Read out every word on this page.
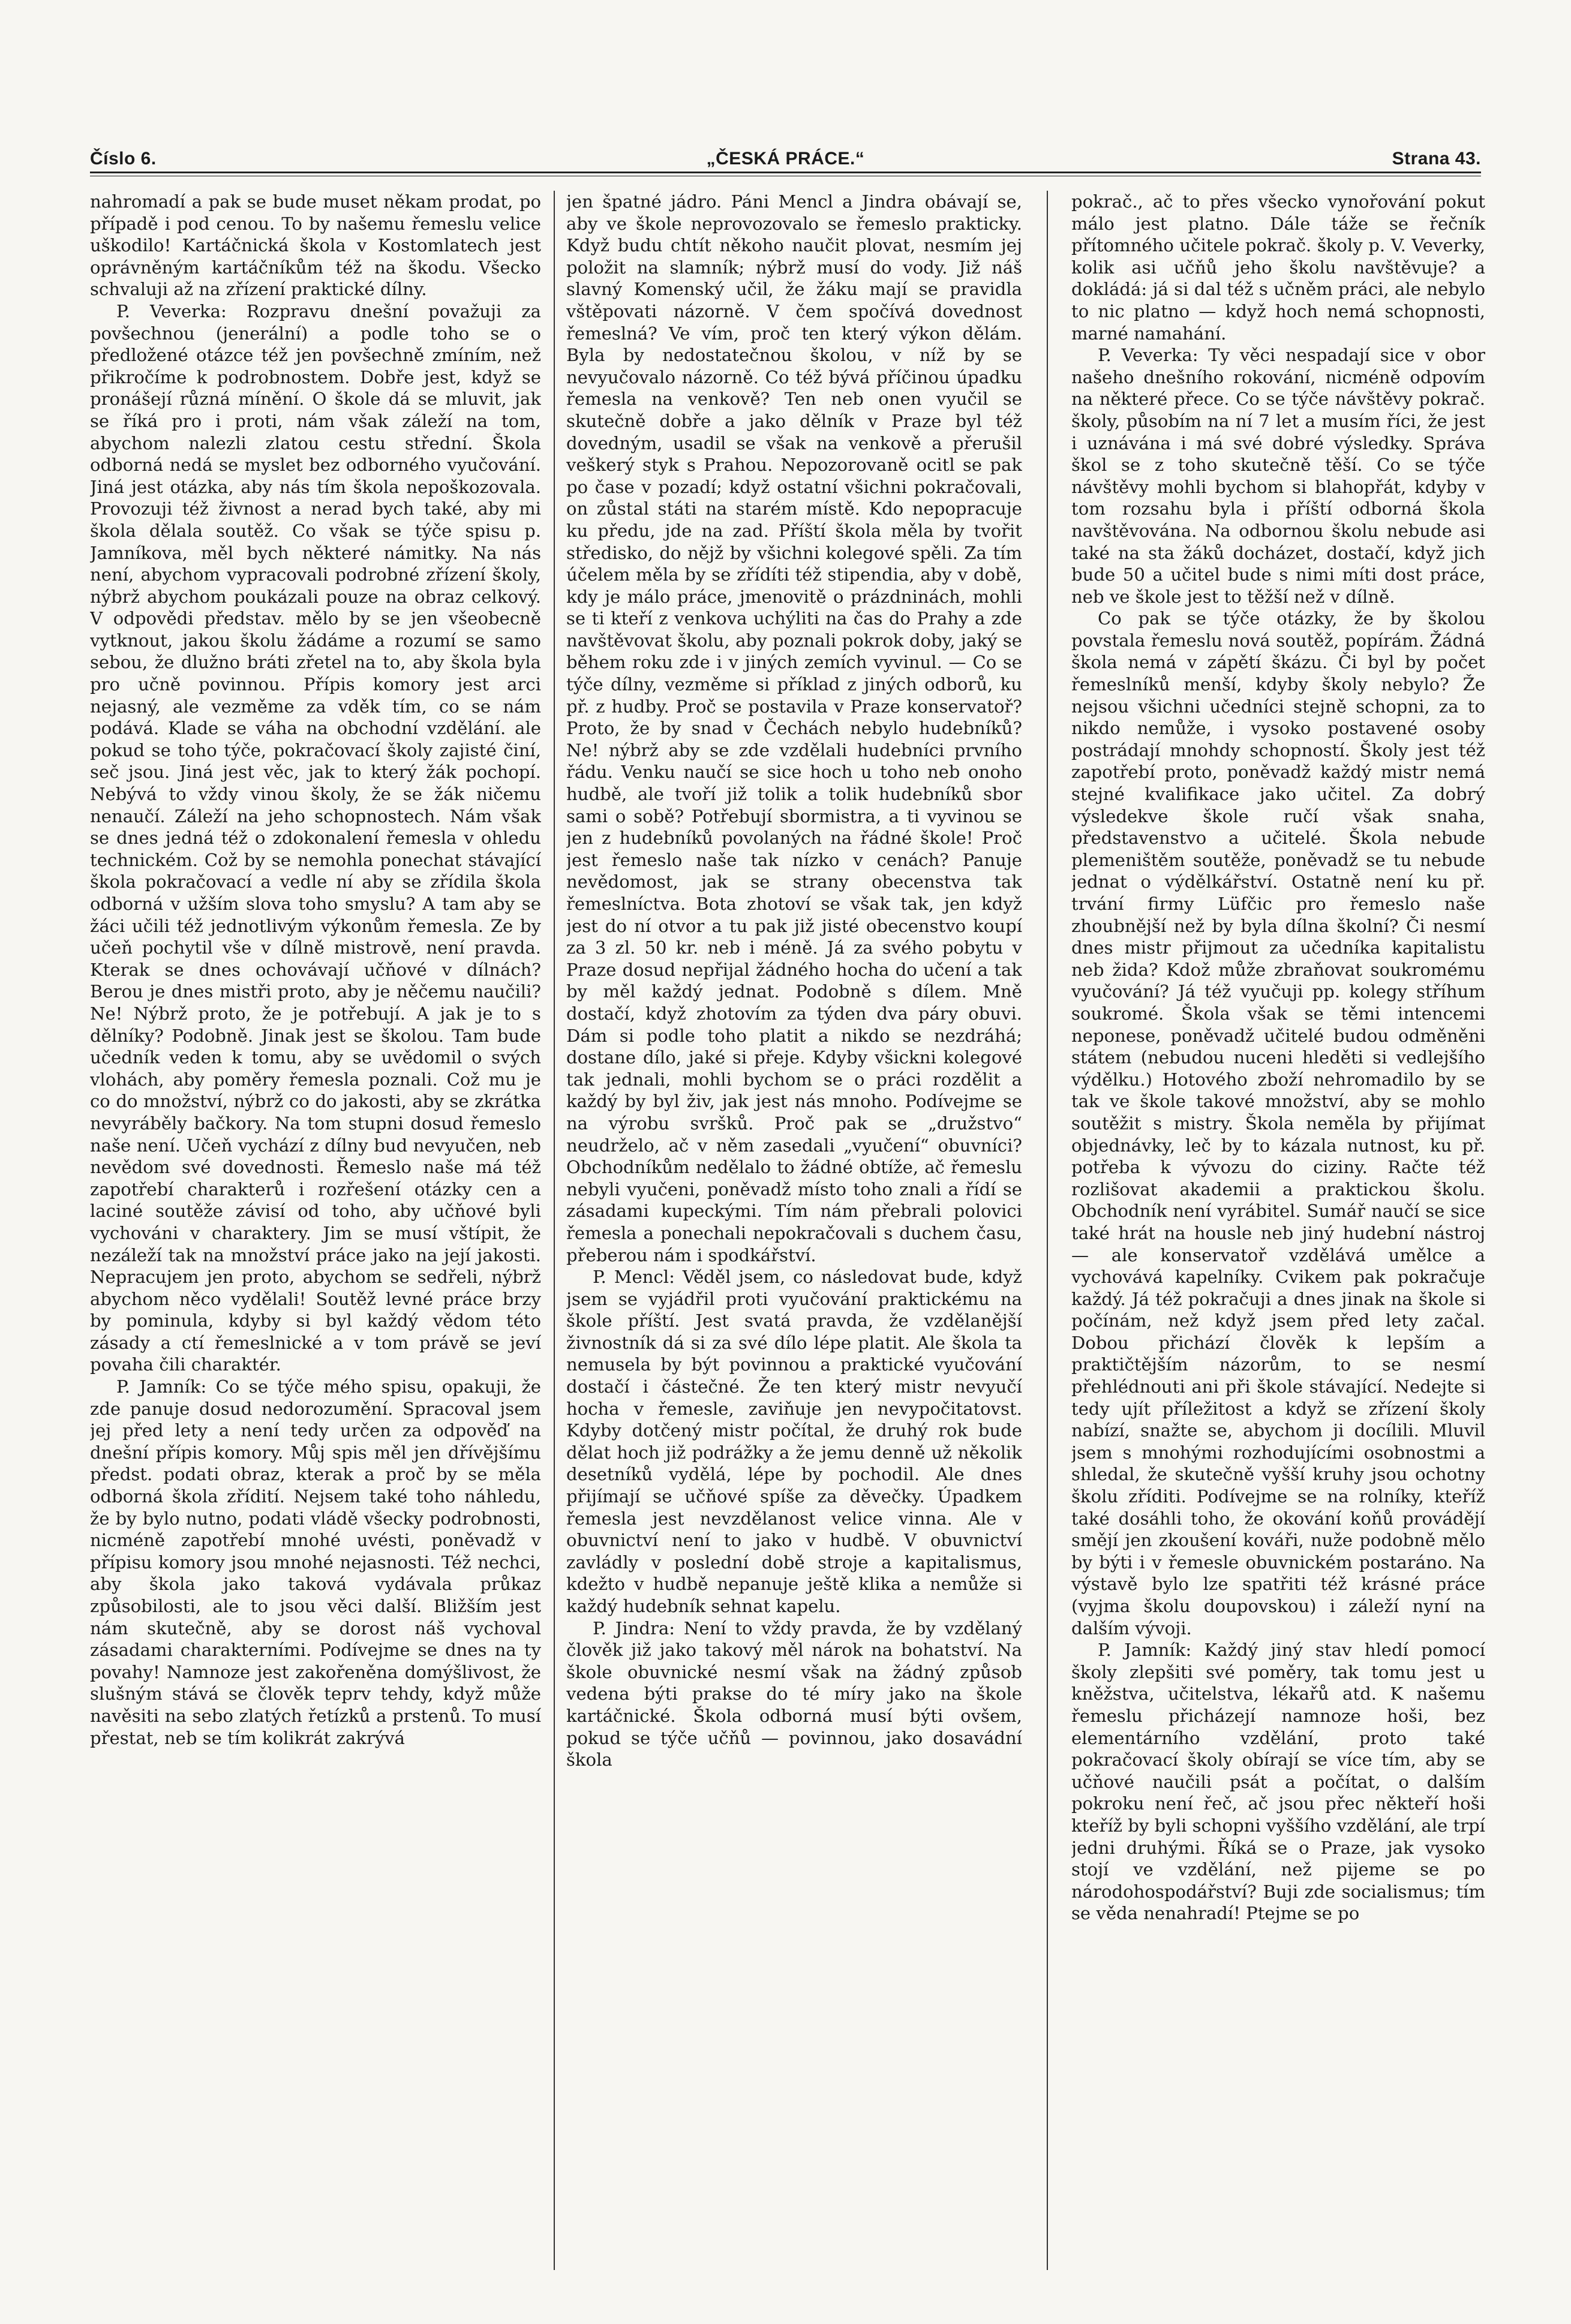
Číslo 6.	„ČESKÁ PRÁCE.“	Strana 43.

nahromadí a pak se bude muset někam prodat, po případě i pod cenou. To by našemu řemeslu velice uškodilo! Kartáčnická škola v Kostomlatech jest oprávněným kartáčníkům též na škodu. Všecko schvaluji až na zřízení praktické dílny.

P. Veverka: Rozpravu dnešní považuji za povšechnou (jenerální) a podle toho se o předložené otázce též jen povšechně zmíním, než přikročíme k podrobnostem. Dobře jest, když se pronášejí různá mínění. O škole dá se mluvit, jak se říká pro i proti, nám však záleží na tom, abychom nalezli zlatou cestu střední. Škola odborná nedá se myslet bez odborného vyučování. Jiná jest otázka, aby nás tím škola nepoškozovala. Provozuji též živnost a nerad bych také, aby mi škola dělala soutěž. Co však se týče spisu p. Jamníkova, měl bych některé námitky. Na nás není, abychom vypracovali podrobné zřízení školy, nýbrž abychom poukázali pouze na obraz celkový. V odpovědi představ. mělo by se jen všeobecně vytknout, jakou školu žádáme a rozumí se samo sebou, že dlužno bráti zřetel na to, aby škola byla pro učně povinnou. Přípis komory jest arci nejasný, ale vezměme za vděk tím, co se nám podává. Klade se váha na obchodní vzdělání. ale pokud se toho týče, pokračovací školy zajisté činí, seč jsou. Jiná jest věc, jak to který žák pochopí. Nebývá to vždy vinou školy, že se žák ničemu nenaučí. Záleží na jeho schopnostech. Nám však se dnes jedná též o zdokonalení řemesla v ohledu technickém. Což by se nemohla ponechat stávající škola pokračovací a vedle ní aby se zřídila škola odborná v užším slova toho smyslu? A tam aby se žáci učili též jednotlivým výkonům řemesla. Ze by učeň pochytil vše v dílně mistrově, není pravda. Kterak se dnes ochovávají učňové v dílnách? Berou je dnes mistři proto, aby je něčemu naučili? Ne! Nýbrž proto, že je potřebují. A jak je to s dělníky? Podobně. Jinak jest se školou. Tam bude učedník veden k tomu, aby se uvědomil o svých vlohách, aby poměry řemesla poznali. Což mu je co do množství, nýbrž co do jakosti, aby se zkrátka nevyráběly bačkory. Na tom stupni dosud řemeslo naše není. Učeň vychází z dílny bud nevyučen, neb nevědom své dovednosti. Řemeslo naše má též zapotřebí charakterů i rozřešení otázky cen a laciné soutěže závisí od toho, aby učňové byli vychováni v charaktery. Jim se musí vštípit, že nezáleží tak na množství práce jako na její jakosti. Nepracujem jen proto, abychom se sedřeli, nýbrž abychom něco vydělali! Soutěž levné práce brzy by pominula, kdyby si byl každý vědom této zásady a ctí řemeslnické a v tom právě se jeví povaha čili charaktér.

P. Jamník: Co se týče mého spisu, opakuji, že zde panuje dosud nedorozumění. Spracoval jsem jej před lety a není tedy určen za odpověď na dnešní přípis komory. Můj spis měl jen dřívějšímu předst. podati obraz, kterak a proč by se měla odborná škola zřídití. Nejsem také toho náhledu, že by bylo nutno, podati vládě všecky podrobnosti, nicméně zapotřebí mnohé uvésti, poněvadž v přípisu komory jsou mnohé nejasnosti. Též nechci, aby škola jako taková vydávala průkaz způsobilosti, ale to jsou věci další. Bližším jest nám skutečně, aby se dorost náš vychoval zásadami charakterními. Podívejme se dnes na ty povahy! Namnoze jest zakořeněna domýšlivost, že slušným stává se člověk teprv tehdy, když může navěsiti na sebo zlatých řetízků a prstenů. To musí přestat, neb se tím kolikrát zakrývá

jen špatné jádro. Páni Mencl a Jindra obávají se, aby ve škole neprovozovalo se řemeslo prakticky. Když budu chtít někoho naučit plovat, nesmím jej položit na slamník; nýbrž musí do vody. Již náš slavný Komenský učil, že žáku mají se pravidla vštěpovati názorně. V čem spočívá dovednost řemeslná? Ve vím, proč ten který výkon dělám. Byla by nedostatečnou školou, v níž by se nevyučovalo názorně. Co též bývá příčinou úpadku řemesla na venkově? Ten neb onen vyučil se skutečně dobře a jako dělník v Praze byl též dovedným, usadil se však na venkově a přerušil veškerý styk s Prahou. Nepozorovaně ocitl se pak po čase v pozadí; když ostatní všichni pokračovali, on zůstal státi na starém místě. Kdo nepopracuje ku předu, jde na zad. Příští škola měla by tvořit středisko, do nějž by všichni kolegové spěli. Za tím účelem měla by se zřídíti též stipendia, aby v době, kdy je málo práce, jmenovitě o prázdninách, mohli se ti kteří z venkova uchýliti na čas do Prahy a zde navštěvovat školu, aby poznali pokrok doby, jaký se během roku zde i v jiných zemích vyvinul. — Co se týče dílny, vezměme si příklad z jiných odborů, ku př. z hudby. Proč se postavila v Praze konservatoř? Proto, že by snad v Čechách nebylo hudebníků? Ne! nýbrž aby se zde vzdělali hudebníci prvního řádu. Venku naučí se sice hoch u toho neb onoho hudbě, ale tvoří již tolik a tolik hudebníků sbor sami o sobě? Potřebují sbormistra, a ti vyvinou se jen z hudebníků povolaných na řádné škole! Proč jest řemeslo naše tak nízko v cenách? Panuje nevědomost, jak se strany obecenstva tak řemeslníctva. Bota zhotoví se však tak, jen když jest do ní otvor a tu pak již jisté obecenstvo koupí za 3 zl. 50 kr. neb i méně. Já za svého pobytu v Praze dosud nepřijal žádného hocha do učení a tak by měl každý jednat. Podobně s dílem. Mně dostačí, když zhotovím za týden dva páry obuvi. Dám si podle toho platit a nikdo se nezdráhá; dostane dílo, jaké si přeje. Kdyby všickni kolegové tak jednali, mohli bychom se o práci rozdělit a každý by byl živ, jak jest nás mnoho. Podívejme se na výrobu svršků. Proč pak se „družstvo“ neudrželo, ač v něm zasedali „vyučení“ obuvníci? Obchodníkům nedělalo to žádné obtíže, ač řemeslu nebyli vyučeni, poněvadž místo toho znali a řídí se zásadami kupeckými. Tím nám přebrali polovici řemesla a ponechali nepokračovali s duchem času, přeberou nám i spodkářství.

P. Mencl: Věděl jsem, co následovat bude, když jsem se vyjádřil proti vyučování praktickému na škole příští. Jest svatá pravda, že vzdělanější živnostník dá si za své dílo lépe platit. Ale škola ta nemusela by být povinnou a praktické vyučování dostačí i částečné. Že ten který mistr nevyučí hocha v řemesle, zaviňuje jen nevypočitatovst. Kdyby dotčený mistr počítal, že druhý rok bude dělat hoch již podrážky a že jemu denně už několik desetníků vydělá, lépe by pochodil. Ale dnes přijímají se učňové spíše za děvečky. Úpadkem řemesla jest nevzdělanost velice vinna. Ale v obuvnictví není to jako v hudbě. V obuvnictví zavládly v poslední době stroje a kapitalismus, kdežto v hudbě nepanuje ještě klika a nemůže si každý hudebník sehnat kapelu.

P. Jindra: Není to vždy pravda, že by vzdělaný člověk již jako takový měl nárok na bohatství. Na škole obuvnické nesmí však na žádný způsob vedena býti prakse do té míry jako na škole kartáčnické. Škola odborná musí býti ovšem, pokud se týče učňů — povinnou, jako dosavádní škola

pokrač., ač to přes všecko vynořování pokut málo jest platno. Dále táže se řečník přítomného učitele pokrač. školy p. V. Veverky, kolik asi učňů jeho školu navštěvuje? a dokládá: já si dal též s učněm práci, ale nebylo to nic platno — když hoch nemá schopnosti, marné namahání.

P. Veverka: Ty věci nespadají sice v obor našeho dnešního rokování, nicméně odpovím na některé přece. Co se týče návštěvy pokrač. školy, působím na ní 7 let a musím říci, že jest i uznávána i má své dobré výsledky. Správa škol se z toho skutečně těší. Co se týče návštěvy mohli bychom si blahopřát, kdyby v tom rozsahu byla i příští odborná škola navštěvována. Na odbornou školu nebude asi také na sta žáků docházet, dostačí, když jich bude 50 a učitel bude s nimi míti dost práce, neb ve škole jest to těžší než v dílně.

Co pak se týče otázky, že by školou povstala řemeslu nová soutěž, popírám. Žádná škola nemá v zápětí škázu. Či byl by počet řemeslníků menší, kdyby školy nebylo? Že nejsou všichni učedníci stejně schopni, za to nikdo nemůže, i vysoko postavené osoby postrádají mnohdy schopností. Školy jest též zapotřebí proto, poněvadž každý mistr nemá stejné kvalifikace jako učitel. Za dobrý výsledekve škole ručí však snaha, představenstvo a učitelé. Škola nebude plemeništěm soutěže, poněvadž se tu nebude jednat o výdělkářství. Ostatně není ku př. trvání firmy Lüfčic pro řemeslo naše zhoubnější než by byla dílna školní? Či nesmí dnes mistr přijmout za učedníka kapitalistu neb žida? Kdož může zbraňovat soukromému vyučování? Já též vyučuji pp. kolegy stříhum soukromé. Škola však se těmi intencemi neponese, poněvadž učitelé budou odměněni státem (nebudou nuceni hleděti si vedlejšího výdělku.) Hotového zboží nehromadilo by se tak ve škole takové množství, aby se mohlo soutěžit s mistry. Škola neměla by přijímat objednávky, leč by to kázala nutnost, ku př. potřeba k vývozu do ciziny. Račte též rozlišovat akademii a praktickou školu. Obchodník není vyrábitel. Sumář naučí se sice také hrát na housle neb jiný hudební nástroj — ale konservatoř vzdělává umělce a vychovává kapelníky. Cvikem pak pokračuje každý. Já též pokračuji a dnes jinak na škole si počínám, než když jsem před lety začal. Dobou přichází člověk k lepším a praktičtějším názorům, to se nesmí přehlédnouti ani při škole stávající. Nedejte si tedy ujít příležitost a když se zřízení školy nabízí, snažte se, abychom ji docílili. Mluvil jsem s mnohými rozhodujícími osobnostmi a shledal, že skutečně vyšší kruhy jsou ochotny školu zříditi. Podívejme se na rolníky, kteříž také dosáhli toho, že okování koňů provádějí smějí jen zkoušení kováři, nuže podobně mělo by býti i v řemesle obuvnickém postaráno. Na výstavě bylo lze spatřiti též krásné práce (vyjma školu doupovskou) i záleží nyní na dalším vývoji.

P. Jamník: Každý jiný stav hledí pomocí školy zlepšiti své poměry, tak tomu jest u kněžstva, učitelstva, lékařů atd. K našemu řemeslu přicházejí namnoze hoši, bez elementárního vzdělání, proto také pokračovací školy obírají se více tím, aby se učňové naučili psát a počítat, o dalším pokroku není řeč, ač jsou přec někteří hoši kteříž by byli schopni vyššího vzdělání, ale trpí jedni druhými. Říká se o Praze, jak vysoko stojí ve vzdělání, než pijeme se po národohospodářství? Buji zde socialismus; tím se věda nenahradí! Ptejme se po
